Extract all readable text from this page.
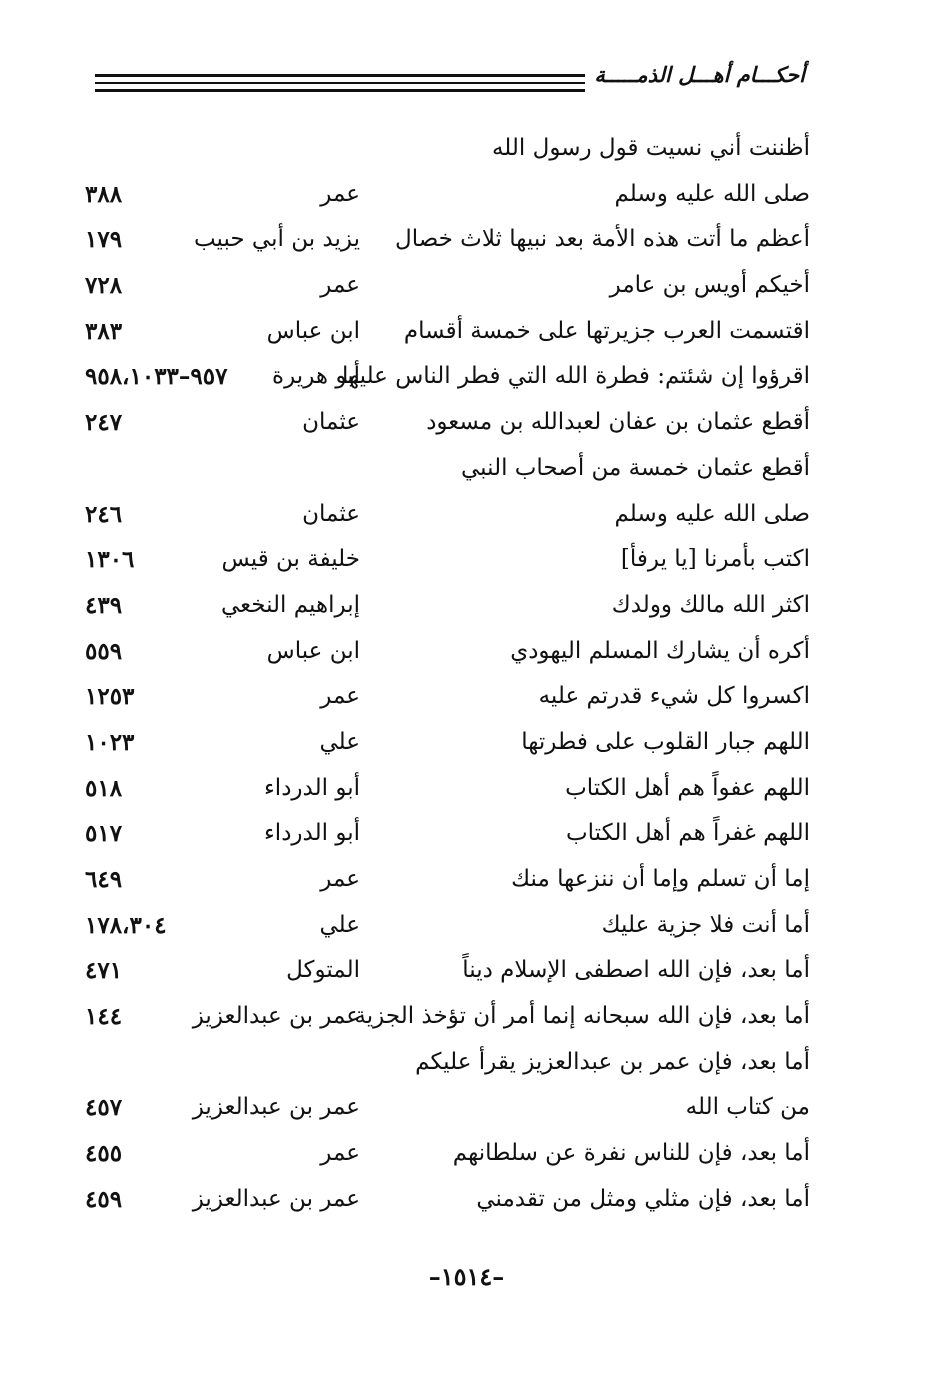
أحكـــام أهـــل الذمـــــة
أظننت أني نسيت قول رسول الله
صلى الله عليه وسلم
عمر
٣٨٨
أعظم ما أتت هذه الأمة بعد نبيها ثلاث خصال
يزيد بن أبي حبيب
١٧٩
أخيكم أويس بن عامر
عمر
٧٢٨
اقتسمت العرب جزيرتها على خمسة أقسام
ابن عباس
٣٨٣
اقرؤوا إن شئتم: فطرة الله التي فطر الناس عليها
أبو هريرة
٩٥٧–٩٥٨،١٠٣٣
أقطع عثمان بن عفان لعبدالله بن مسعود
عثمان
٢٤٧
أقطع عثمان خمسة من أصحاب النبي
صلى الله عليه وسلم
عثمان
٢٤٦
اكتب بأمرنا [يا يرفأ]
خليفة بن قيس
١٣٠٦
اكثر الله مالك وولدك
إبراهيم النخعي
٤٣٩
أكره أن يشارك المسلم اليهودي
ابن عباس
٥٥٩
اكسروا كل شيء قدرتم عليه
عمر
١٢٥٣
اللهم جبار القلوب على فطرتها
علي
١٠٢٣
اللهم عفواً هم أهل الكتاب
أبو الدرداء
٥١٨
اللهم غفراً هم أهل الكتاب
أبو الدرداء
٥١٧
إما أن تسلم وإما أن ننزعها منك
عمر
٦٤٩
أما أنت فلا جزية عليك
علي
١٧٨،٣٠٤
أما بعد، فإن الله اصطفى الإسلام ديناً
المتوكل
٤٧١
أما بعد، فإن الله سبحانه إنما أمر أن تؤخذ الجزية
عمر بن عبدالعزيز
١٤٤
أما بعد، فإن عمر بن عبدالعزيز يقرأ عليكم
من كتاب الله
عمر بن عبدالعزيز
٤٥٧
أما بعد، فإن للناس نفرة عن سلطانهم
عمر
٤٥٥
أما بعد، فإن مثلي ومثل من تقدمني
عمر بن عبدالعزيز
٤٥٩
–١٥١٤–
